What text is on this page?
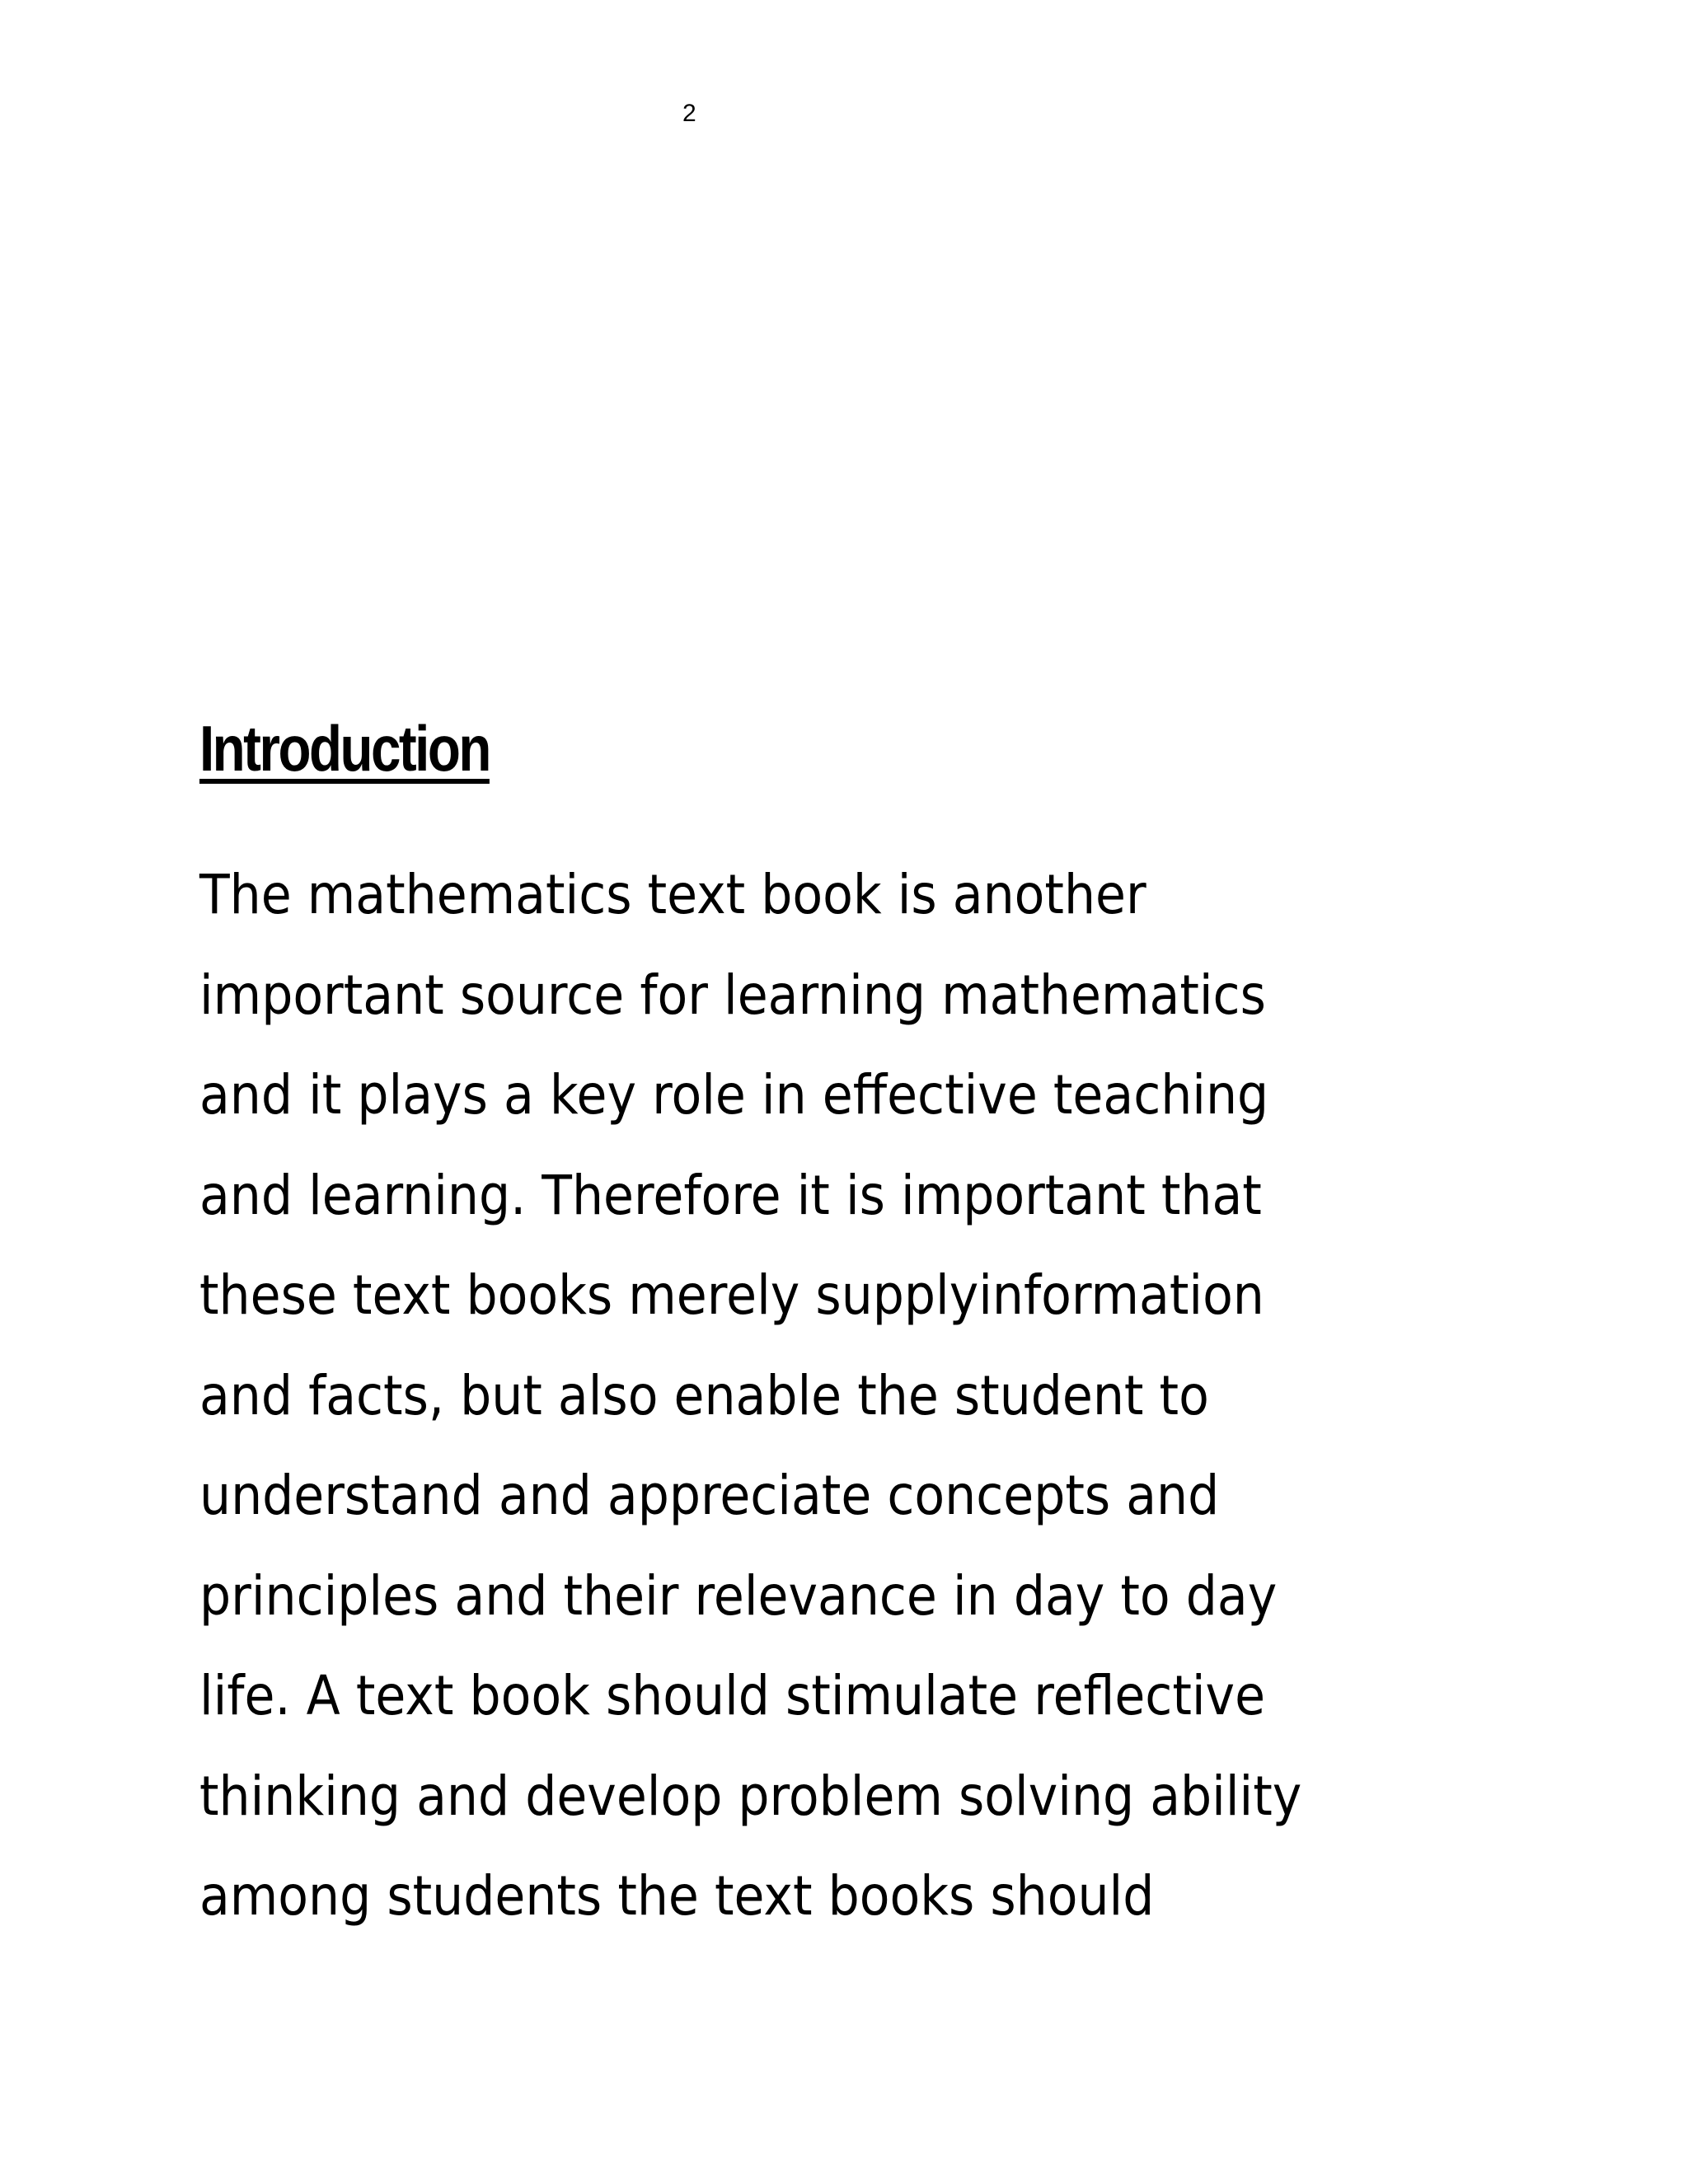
2
Introduction
The mathematics text book is another
important source for learning mathematics
and it plays a key role in effective teaching
and learning. Therefore it is important that
these text books merely supplyinformation
and facts, but also enable the student to
understand and appreciate concepts and
principles and their relevance in day to day
life. A text book should stimulate reflective
thinking and develop problem solving ability
among students the text books should
